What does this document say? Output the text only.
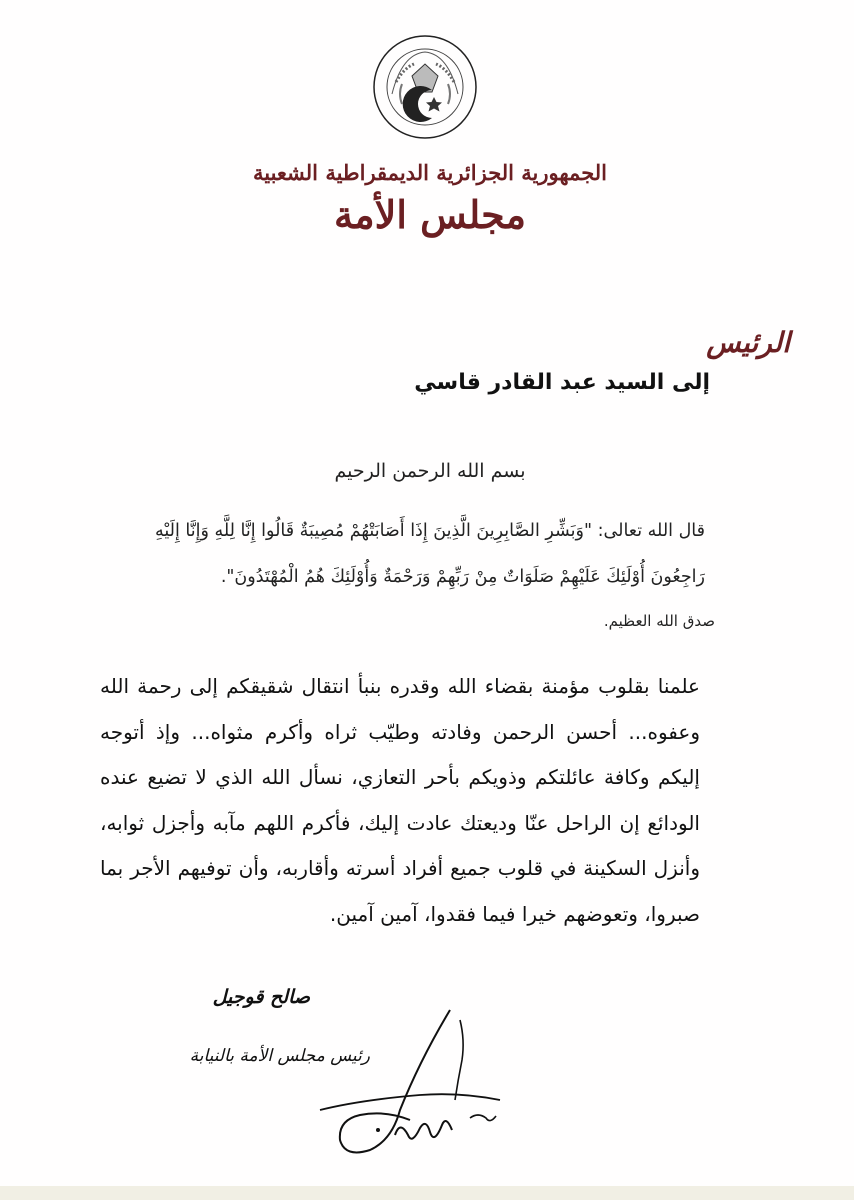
الجمهورية الجزائرية الديمقراطية الشعبية
مجلس الأمة
الرئيس
إلى السيد عبد القادر قاسي
بسم الله الرحمن الرحيم
قال الله تعالى: "وَبَشِّرِ الصَّابِرِينَ الَّذِينَ إِذَا أَصَابَتْهُمْ مُصِيبَةٌ قَالُوا إِنَّا لِلَّهِ وَإِنَّا إِلَيْهِ رَاجِعُونَ أُوْلَئِكَ عَلَيْهِمْ صَلَوَاتٌ مِنْ رَبِّهِمْ وَرَحْمَةٌ وَأُوْلَئِكَ هُمُ الْمُهْتَدُونَ".
صدق الله العظيم.
علمنا بقلوب مؤمنة بقضاء الله وقدره بنبأ انتقال شقيقكم إلى رحمة الله وعفوه... أحسن الرحمن وفادته وطيّب ثراه وأكرم مثواه... وإذ أتوجه إليكم وكافة عائلتكم وذويكم بأحر التعازي، نسأل الله الذي لا تضيع عنده الودائع إن الراحل عنّا وديعتك عادت إليك، فأكرم اللهم مآبه وأجزل ثوابه، وأنزل السكينة في قلوب جميع أفراد أسرته وأقاربه، وأن توفيهم الأجر بما صبروا، وتعوضهم خيرا فيما فقدوا، آمين آمين.
صالح قوجيل
رئيس مجلس الأمة بالنيابة
